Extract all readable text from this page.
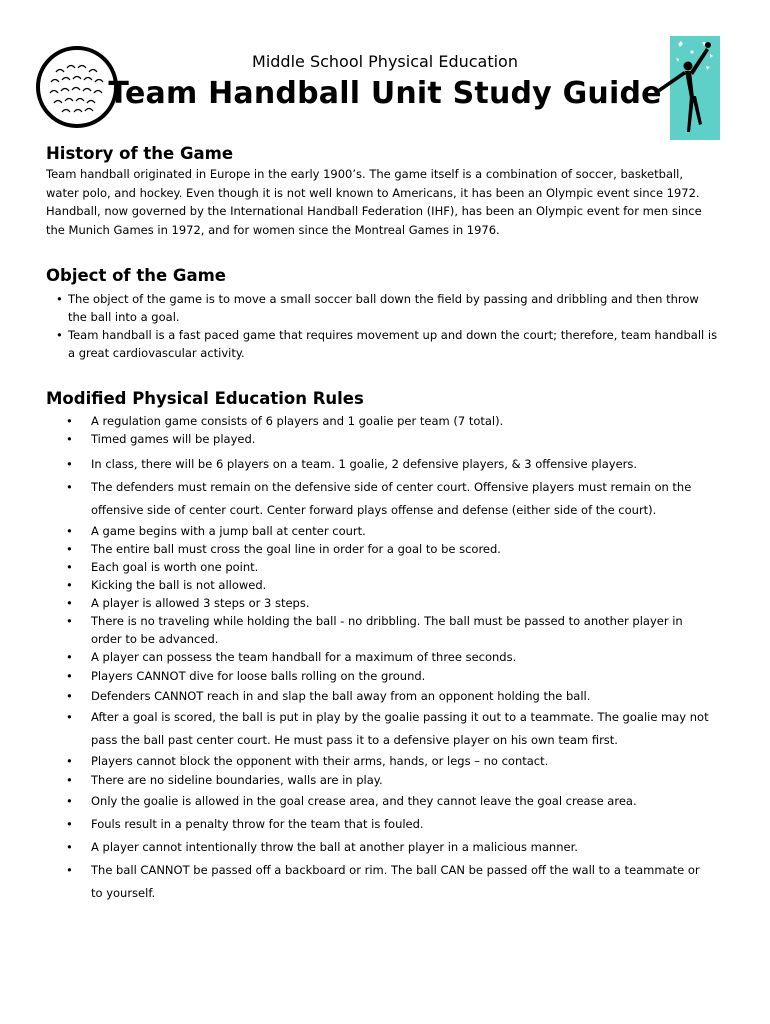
Middle School Physical Education
Team Handball Unit Study Guide
History of the Game
Team handball originated in Europe in the early 1900’s. The game itself is a combination of soccer, basketball,
water polo, and hockey. Even though it is not well known to Americans, it has been an Olympic event since 1972.
Handball, now governed by the International Handball Federation (IHF), has been an Olympic event for men since
the Munich Games in 1972, and for women since the Montreal Games in 1976.
Object of the Game
• The object of the game is to move a small soccer ball down the field by passing and dribbling and then throw
the ball into a goal.
• Team handball is a fast paced game that requires movement up and down the court; therefore, team handball is
a great cardiovascular activity.
Modified Physical Education Rules
• A regulation game consists of 6 players and 1 goalie per team (7 total).
• Timed games will be played.
• In class, there will be 6 players on a team. 1 goalie, 2 defensive players, & 3 offensive players.
• The defenders must remain on the defensive side of center court. Offensive players must remain on the
offensive side of center court. Center forward plays offense and defense (either side of the court).
• A game begins with a jump ball at center court.
• The entire ball must cross the goal line in order for a goal to be scored.
• Each goal is worth one point.
• Kicking the ball is not allowed.
• A player is allowed 3 steps or 3 steps.
• There is no traveling while holding the ball - no dribbling. The ball must be passed to another player in
order to be advanced.
• A player can possess the team handball for a maximum of three seconds.
• Players CANNOT dive for loose balls rolling on the ground.
• Defenders CANNOT reach in and slap the ball away from an opponent holding the ball.
• After a goal is scored, the ball is put in play by the goalie passing it out to a teammate. The goalie may not
pass the ball past center court. He must pass it to a defensive player on his own team first.
• Players cannot block the opponent with their arms, hands, or legs – no contact.
• There are no sideline boundaries, walls are in play.
• Only the goalie is allowed in the goal crease area, and they cannot leave the goal crease area.
• Fouls result in a penalty throw for the team that is fouled.
• A player cannot intentionally throw the ball at another player in a malicious manner.
• The ball CANNOT be passed off a backboard or rim. The ball CAN be passed off the wall to a teammate or
to yourself.
